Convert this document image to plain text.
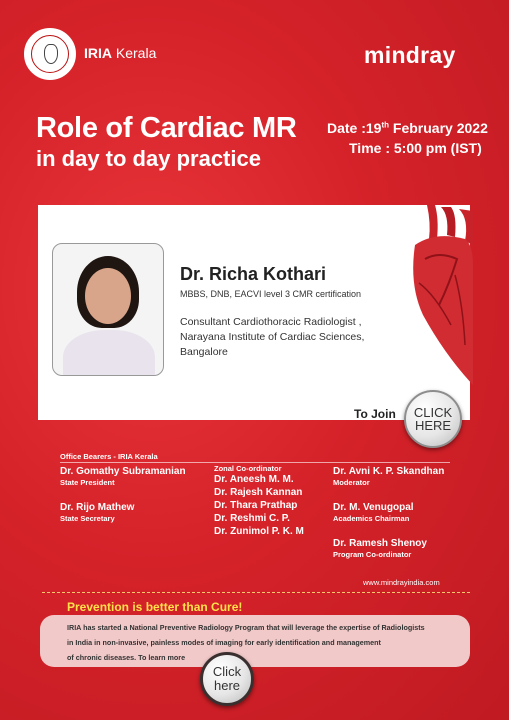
IRIA Kerala	mindray
Role of Cardiac MR
in day to day practice
Date :19th February 2022
Time : 5:00 pm (IST)
Dr. Richa Kothari
MBBS, DNB, EACVI level 3 CMR certification
Consultant Cardiothoracic Radiologist ,
Narayana Institute of Cardiac Sciences,
Bangalore
To Join CLICK
HERE
Office Bearers - IRIA Kerala
Dr. Gomathy Subramanian
State President
Dr. Rijo Mathew
State Secretary
Zonal Co-ordinator
Dr. Aneesh M. M.
Dr. Rajesh Kannan
Dr. Thara Prathap
Dr. Reshmi C. P.
Dr. Zunimol P. K. M
Dr. Avni K. P. Skandhan
Moderator
Dr. M. Venugopal
Academics Chairman
Dr. Ramesh Shenoy
Program Co-ordinator
www.mindrayindia.com
Prevention is better than Cure!
IRIA has started a National Preventive Radiology Program that will leverage the expertise of Radiologists
in India in non-invasive, painless modes of imaging for early identification and management
of chronic diseases. To learn more
Click
here
